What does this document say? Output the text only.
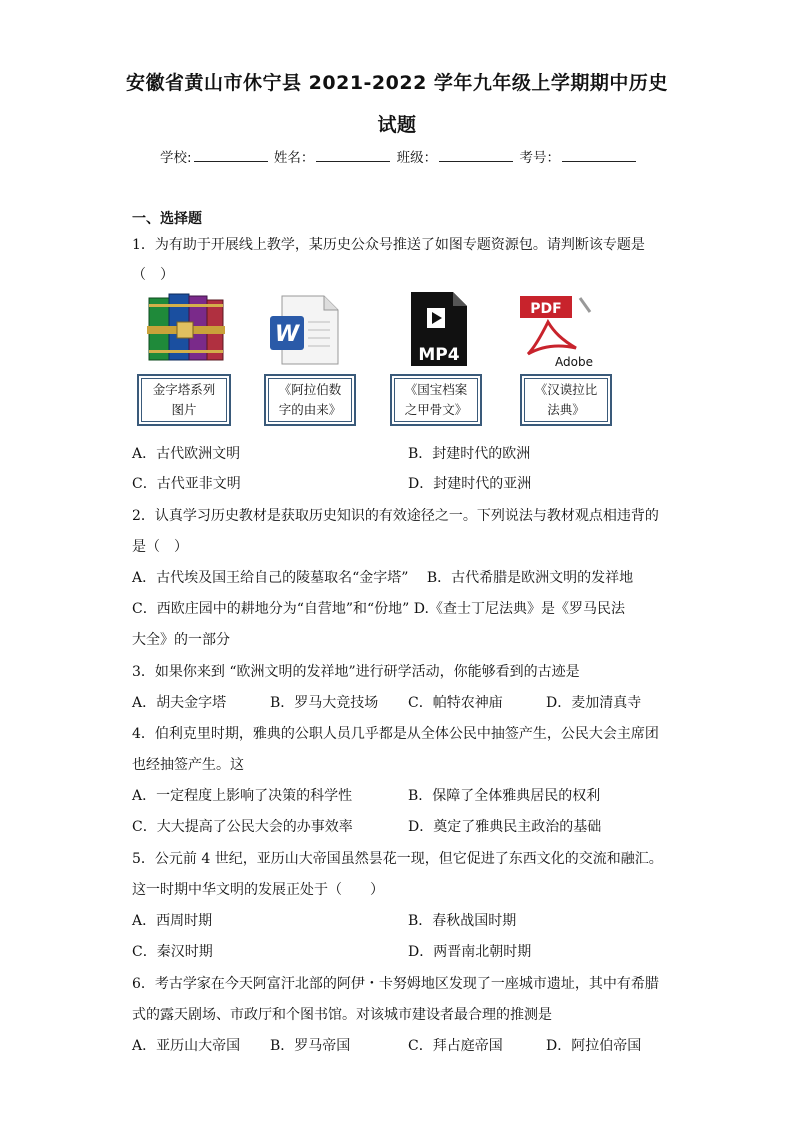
安徽省黄山市休宁县 2021-2022 学年九年级上学期期中历史
试题
学校:	姓名：	班级：	考号：
一、选择题
1．为有助于开展线上教学，某历史公众号推送了如图专题资源包。请判断该专题是
（　）
W
MP4
PDF
Adobe
金字塔系列
图片
《阿拉伯数
字的由来》
《国宝档案
之甲骨文》
《汉谟拉比
法典》
A．古代欧洲文明	B．封建时代的欧洲
C．古代亚非文明	D．封建时代的亚洲
2．认真学习历史教材是获取历史知识的有效途径之一。下列说法与教材观点相违背的
是（　）
A．古代埃及国王给自己的陵墓取名“金字塔”　 B．古代希腊是欧洲文明的发祥地
C．西欧庄园中的耕地分为“自营地”和“份地” D.《查士丁尼法典》是《罗马民法
大全》的一部分
3．如果你来到 “欧洲文明的发祥地”进行研学活动，你能够看到的古迹是
A．胡夫金字塔	B．罗马大竞技场 C．帕特农神庙	D．麦加清真寺
4．伯利克里时期，雅典的公职人员几乎都是从全体公民中抽签产生，公民大会主席团
也经抽签产生。这
A．一定程度上影响了决策的科学性	B．保障了全体雅典居民的权利
C．大大提高了公民大会的办事效率	D．奠定了雅典民主政治的基础
5．公元前 4 世纪，亚历山大帝国虽然昙花一现，但它促进了东西文化的交流和融汇。
这一时期中华文明的发展正处于（　　）
A．西周时期	B．春秋战国时期
C．秦汉时期	D．两晋南北朝时期
6．考古学家在今天阿富汗北部的阿伊・卡努姆地区发现了一座城市遗址，其中有希腊
式的露天剧场、市政厅和个图书馆。对该城市建设者最合理的推测是
A．亚历山大帝国 B．罗马帝国	C．拜占庭帝国	D．阿拉伯帝国
